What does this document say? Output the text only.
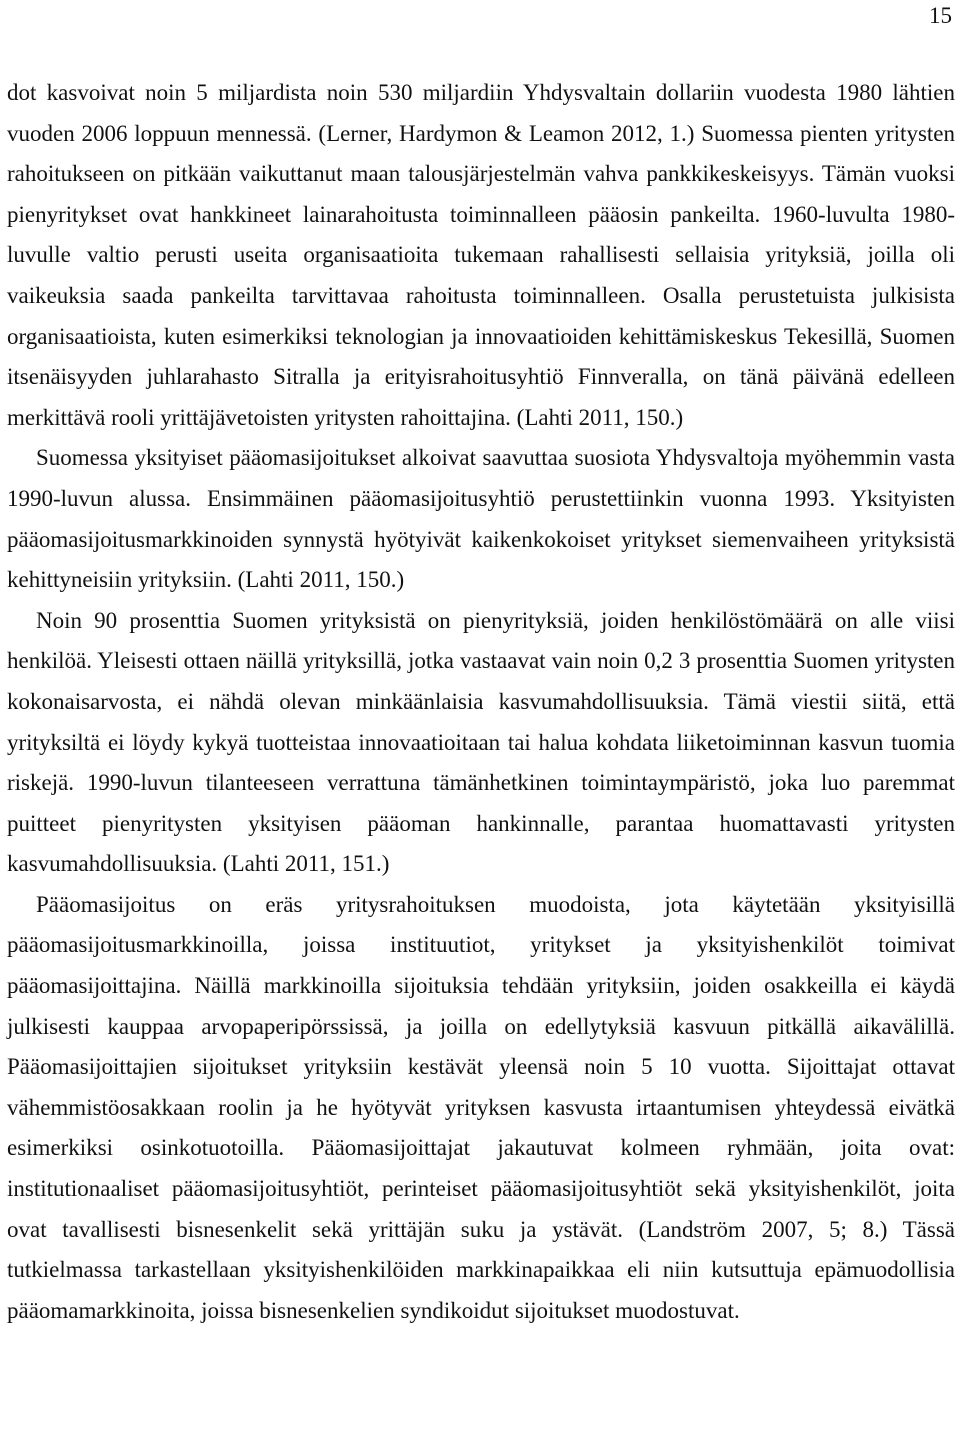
15

dot kasvoivat noin 5 miljardista noin 530 miljardiin Yhdysvaltain dollariin vuodesta 1980 lähtien vuoden 2006 loppuun mennessä. (Lerner, Hardymon & Leamon 2012, 1.) Suomessa pienten yritysten rahoitukseen on pitkään vaikuttanut maan talousjärjestelmän vahva pankkikeskeisyys. Tämän vuoksi pienyritykset ovat hankkineet lainarahoitusta toiminnalleen pääosin pankeilta. 1960-luvulta 1980-luvulle valtio perusti useita organisaatioita tukemaan rahallisesti sellaisia yrityksiä, joilla oli vaikeuksia saada pankeilta tarvittavaa rahoitusta toiminnalleen. Osalla perustetuista julkisista organisaatioista, kuten esimerkiksi teknologian ja innovaatioiden kehittämiskeskus Tekesillä, Suomen itsenäisyyden juhlarahasto Sitralla ja erityisrahoitusyhtiö Finnveralla, on tänä päivänä edelleen merkittävä rooli yrittäjävetoisten yritysten rahoittajina. (Lahti 2011, 150.)

Suomessa yksityiset pääomasijoitukset alkoivat saavuttaa suosiota Yhdysvaltoja myöhemmin vasta 1990-luvun alussa. Ensimmäinen pääomasijoitusyhtiö perustettiinkin vuonna 1993. Yksityisten pääomasijoitusmarkkinoiden synnystä hyötyivät kaikenkokoiset yritykset siemenvaiheen yrityksistä kehittyneisiin yrityksiin. (Lahti 2011, 150.)

Noin 90 prosenttia Suomen yrityksistä on pienyrityksiä, joiden henkilöstömäärä on alle viisi henkilöä. Yleisesti ottaen näillä yrityksillä, jotka vastaavat vain noin 0,2 3 prosenttia Suomen yritysten kokonaisarvosta, ei nähdä olevan minkäänlaisia kasvumahdollisuuksia. Tämä viestii siitä, että yrityksiltä ei löydy kykyä tuotteistaa innovaatioitaan tai halua kohdata liiketoiminnan kasvun tuomia riskejä. 1990-luvun tilanteeseen verrattuna tämänhetkinen toimintaympäristö, joka luo paremmat puitteet pienyritysten yksityisen pääoman hankinnalle, parantaa huomattavasti yritysten kasvumahdollisuuksia. (Lahti 2011, 151.)

Pääomasijoitus on eräs yritysrahoituksen muodoista, jota käytetään yksityisillä pääomasijoitusmarkkinoilla, joissa instituutiot, yritykset ja yksityishenkilöt toimivat pääomasijoittajina. Näillä markkinoilla sijoituksia tehdään yrityksiin, joiden osakkeilla ei käydä julkisesti kauppaa arvopaperipörssissä, ja joilla on edellytyksiä kasvuun pitkällä aikavälillä. Pääomasijoittajien sijoitukset yrityksiin kestävät yleensä noin 5 10 vuotta. Sijoittajat ottavat vähemmistöosakkaan roolin ja he hyötyvät yrityksen kasvusta irtaantumisen yhteydessä eivätkä esimerkiksi osinkotuotoilla. Pääomasijoittajat jakautuvat kolmeen ryhmään, joita ovat: institutionaaliset pääomasijoitusyhtiöt, perinteiset pääomasijoitusyhtiöt sekä yksityishenkilöt, joita ovat tavallisesti bisnesenkelit sekä yrittäjän suku ja ystävät. (Landström 2007, 5; 8.) Tässä tutkielmassa tarkastellaan yksityishenkilöiden markkinapaikkaa eli niin kutsuttuja epämuodollisia pääomamarkkinoita, joissa bisnesenkelien syndikoidut sijoitukset muodostuvat.
